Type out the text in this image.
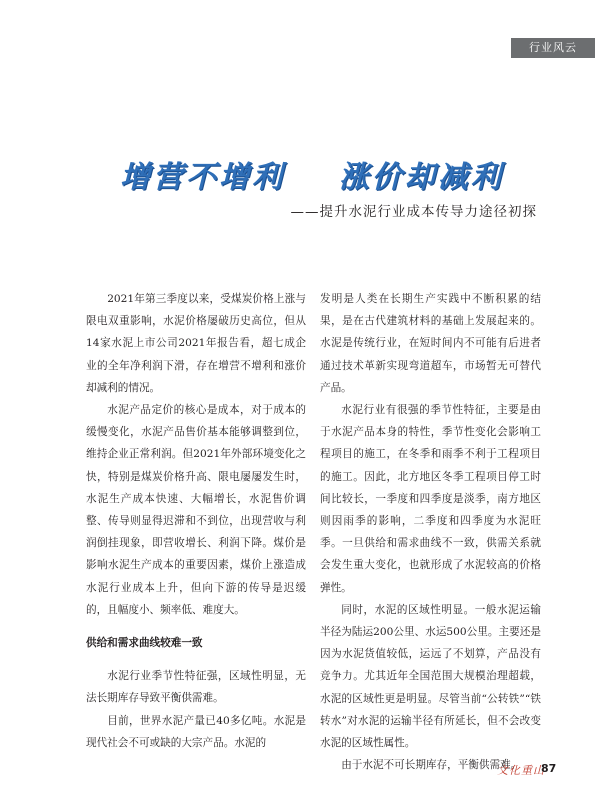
行业风云
增营不增利    涨价却减利
——提升水泥行业成本传导力途径初探

2021年第三季度以来，受煤炭价格上涨与限电双重影响，水泥价格屡破历史高位，但从14家水泥上市公司2021年报告看，超七成企业的全年净利润下滑，存在增营不增利和涨价却减利的情况。

水泥产品定价的核心是成本，对于成本的缓慢变化，水泥产品售价基本能够调整到位，维持企业正常利润。但2021年外部环境变化之快，特别是煤炭价格升高、限电屡屡发生时，水泥生产成本快速、大幅增长，水泥售价调整、传导则显得迟滞和不到位，出现营收与利润倒挂现象，即营收增长、利润下降。煤价是影响水泥生产成本的重要因素，煤价上涨造成水泥行业成本上升，但向下游的传导是迟缓的，且幅度小、频率低、难度大。

供给和需求曲线较难一致

水泥行业季节性特征强，区域性明显，无法长期库存导致平衡供需难。

目前，世界水泥产量已40多亿吨。水泥是现代社会不可或缺的大宗产品。水泥的

发明是人类在长期生产实践中不断积累的结果，是在古代建筑材料的基础上发展起来的。水泥是传统行业，在短时间内不可能有后进者通过技术革新实现弯道超车，市场暂无可替代产品。

水泥行业有很强的季节性特征，主要是由于水泥产品本身的特性，季节性变化会影响工程项目的施工，在冬季和雨季不利于工程项目的施工。因此，北方地区冬季工程项目停工时间比较长，一季度和四季度是淡季，南方地区则因雨季的影响，二季度和四季度为水泥旺季。一旦供给和需求曲线不一致，供需关系就会发生重大变化，也就形成了水泥较高的价格弹性。

同时，水泥的区域性明显。一般水泥运输半径为陆运200公里、水运500公里。主要还是因为水泥货值较低，运远了不划算，产品没有竞争力。尤其近年全国范围大规模治理超载，水泥的区域性更是明显。尽管当前“公转铁”“铁转水”对水泥的运输半径有所延长，但不会改变水泥的区域性属性。

由于水泥不可长期库存，平衡供需难。

文化重山
87
